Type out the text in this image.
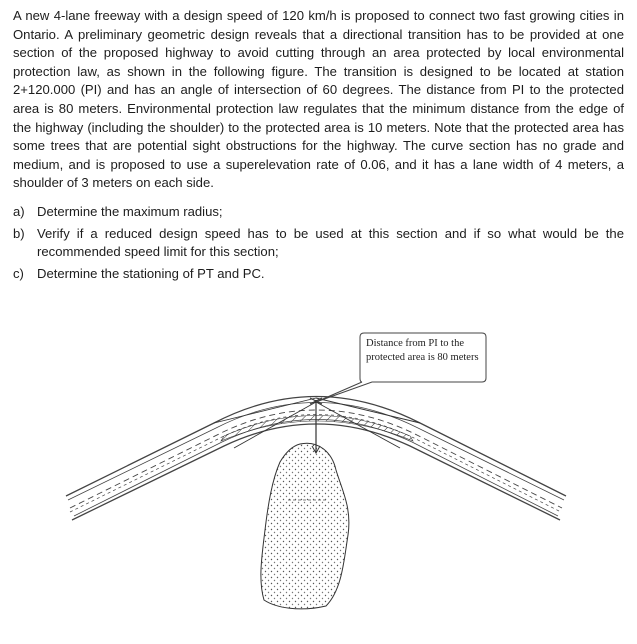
A new 4-lane freeway with a design speed of 120 km/h is proposed to connect two fast growing cities in Ontario. A preliminary geometric design reveals that a directional transition has to be provided at one section of the proposed highway to avoid cutting through an area protected by local environmental protection law, as shown in the following figure. The transition is designed to be located at station 2+120.000 (PI) and has an angle of intersection of 60 degrees. The distance from PI to the protected area is 80 meters. Environmental protection law regulates that the minimum distance from the edge of the highway (including the shoulder) to the protected area is 10 meters. Note that the protected area has some trees that are potential sight obstructions for the highway. The curve section has no grade and medium, and is proposed to use a superelevation rate of 0.06, and it has a lane width of 4 meters, a shoulder of 3 meters on each side.

a) Determine the maximum radius;
b) Verify if a reduced design speed has to be used at this section and if so what would be the recommended speed limit for this section;
c) Determine the stationing of PT and PC.
Distance from PI to the protected area is 80 meters
